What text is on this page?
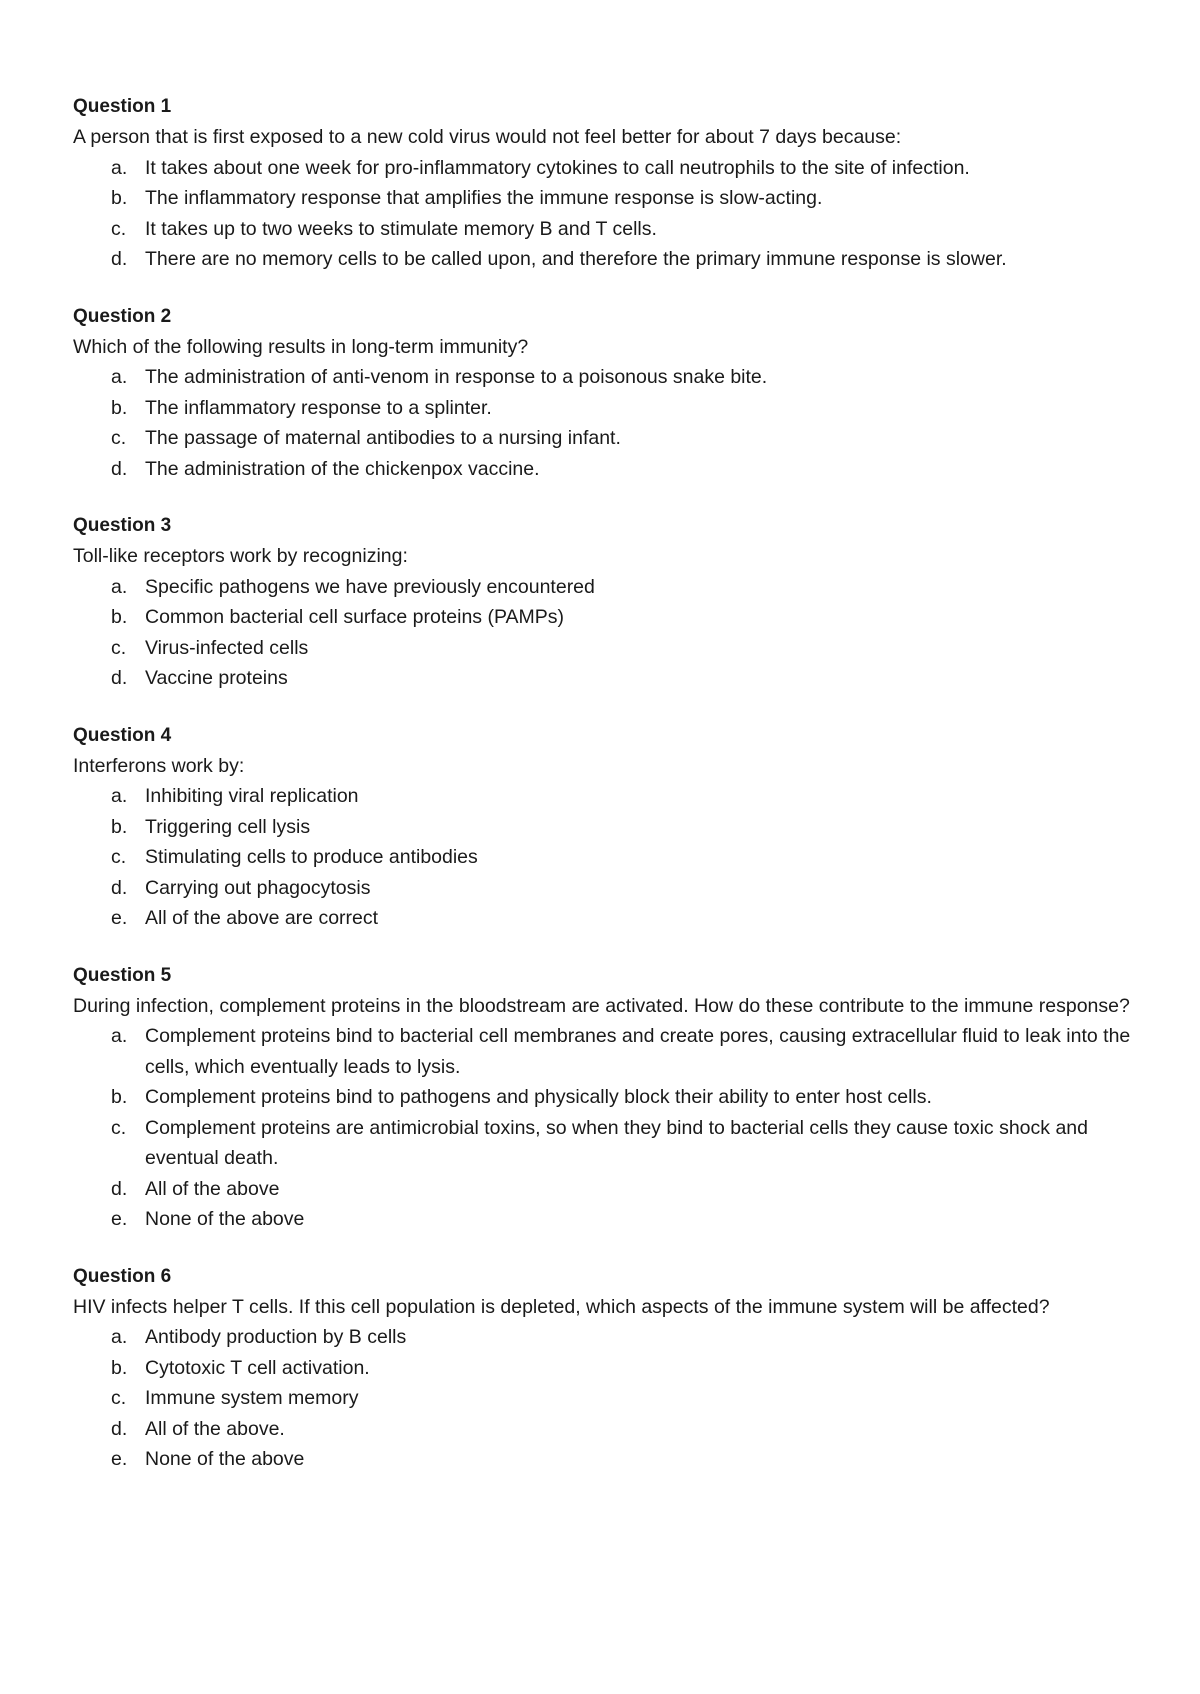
Question 1
A person that is first exposed to a new cold virus would not feel better for about 7 days because:
a. It takes about one week for pro-inflammatory cytokines to call neutrophils to the site of infection.
b. The inflammatory response that amplifies the immune response is slow-acting.
c. It takes up to two weeks to stimulate memory B and T cells.
d. There are no memory cells to be called upon, and therefore the primary immune response is slower.
Question 2
Which of the following results in long-term immunity?
a. The administration of anti-venom in response to a poisonous snake bite.
b. The inflammatory response to a splinter.
c. The passage of maternal antibodies to a nursing infant.
d. The administration of the chickenpox vaccine.
Question 3
Toll-like receptors work by recognizing:
a. Specific pathogens we have previously encountered
b. Common bacterial cell surface proteins (PAMPs)
c. Virus-infected cells
d. Vaccine proteins
Question 4
Interferons work by:
a. Inhibiting viral replication
b. Triggering cell lysis
c. Stimulating cells to produce antibodies
d. Carrying out phagocytosis
e. All of the above are correct
Question 5
During infection, complement proteins in the bloodstream are activated. How do these contribute to the immune response?
a. Complement proteins bind to bacterial cell membranes and create pores, causing extracellular fluid to leak into the cells, which eventually leads to lysis.
b. Complement proteins bind to pathogens and physically block their ability to enter host cells.
c. Complement proteins are antimicrobial toxins, so when they bind to bacterial cells they cause toxic shock and eventual death.
d. All of the above
e. None of the above
Question 6
HIV infects helper T cells. If this cell population is depleted, which aspects of the immune system will be affected?
a. Antibody production by B cells
b. Cytotoxic T cell activation.
c. Immune system memory
d. All of the above.
e. None of the above
